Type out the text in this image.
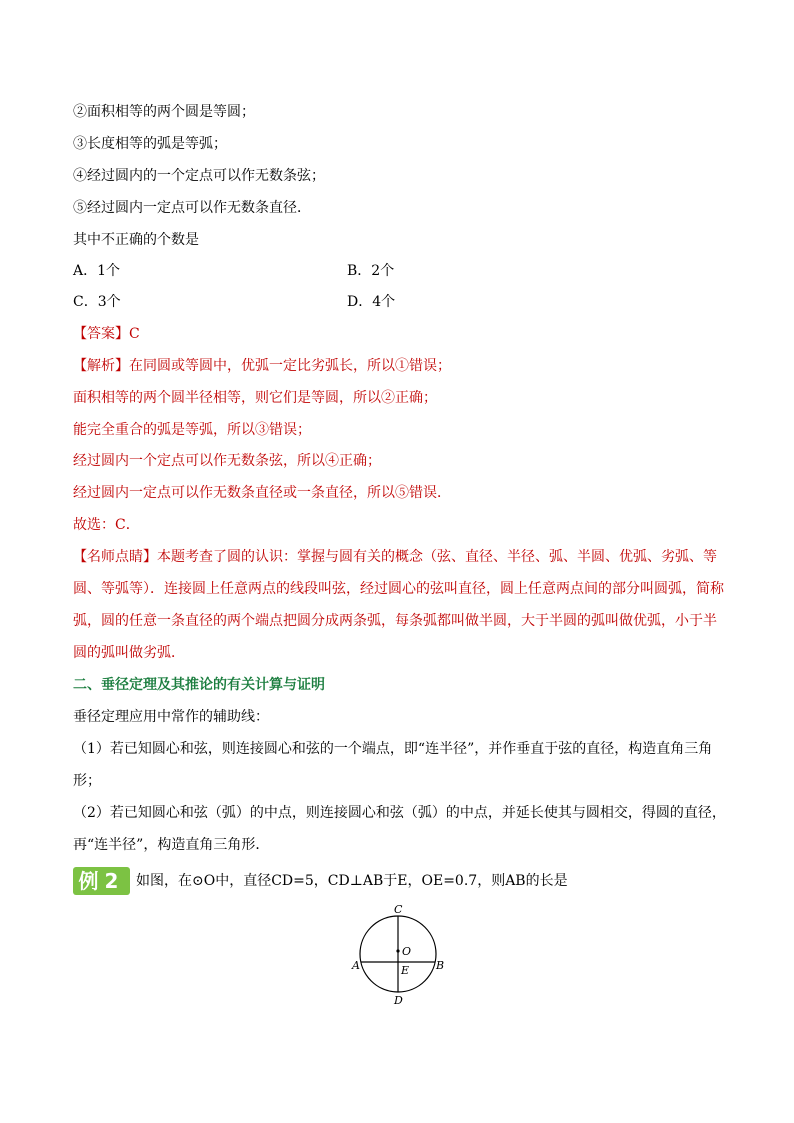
②面积相等的两个圆是等圆；
③长度相等的弧是等弧；
④经过圆内的一个定点可以作无数条弦；
⑤经过圆内一定点可以作无数条直径．
其中不正确的个数是
A．1个	B．2个
C．3个	D．4个
【答案】C
【解析】在同圆或等圆中，优弧一定比劣弧长，所以①错误；
面积相等的两个圆半径相等，则它们是等圆，所以②正确；
能完全重合的弧是等弧，所以③错误；
经过圆内一个定点可以作无数条弦，所以④正确；
经过圆内一定点可以作无数条直径或一条直径，所以⑤错误．
故选：C．
【名师点睛】本题考查了圆的认识：掌握与圆有关的概念（弦、直径、半径、弧、半圆、优弧、劣弧、等
圆、等弧等）．连接圆上任意两点的线段叫弦，经过圆心的弦叫直径，圆上任意两点间的部分叫圆弧，简称
弧，圆的任意一条直径的两个端点把圆分成两条弧，每条弧都叫做半圆，大于半圆的弧叫做优弧，小于半
圆的弧叫做劣弧．
二、垂径定理及其推论的有关计算与证明
垂径定理应用中常作的辅助线：
（1）若已知圆心和弦，则连接圆心和弦的一个端点，即“连半径”，并作垂直于弦的直径，构造直角三角
形；
（2）若已知圆心和弦（弧）的中点，则连接圆心和弦（弧）的中点，并延长使其与圆相交，得圆的直径，
再“连半径”，构造直角三角形．
例2 如图，在⊙O中，直径CD=5，CD⊥AB于E，OE=0.7，则AB的长是
C
O
A	B
E
D
